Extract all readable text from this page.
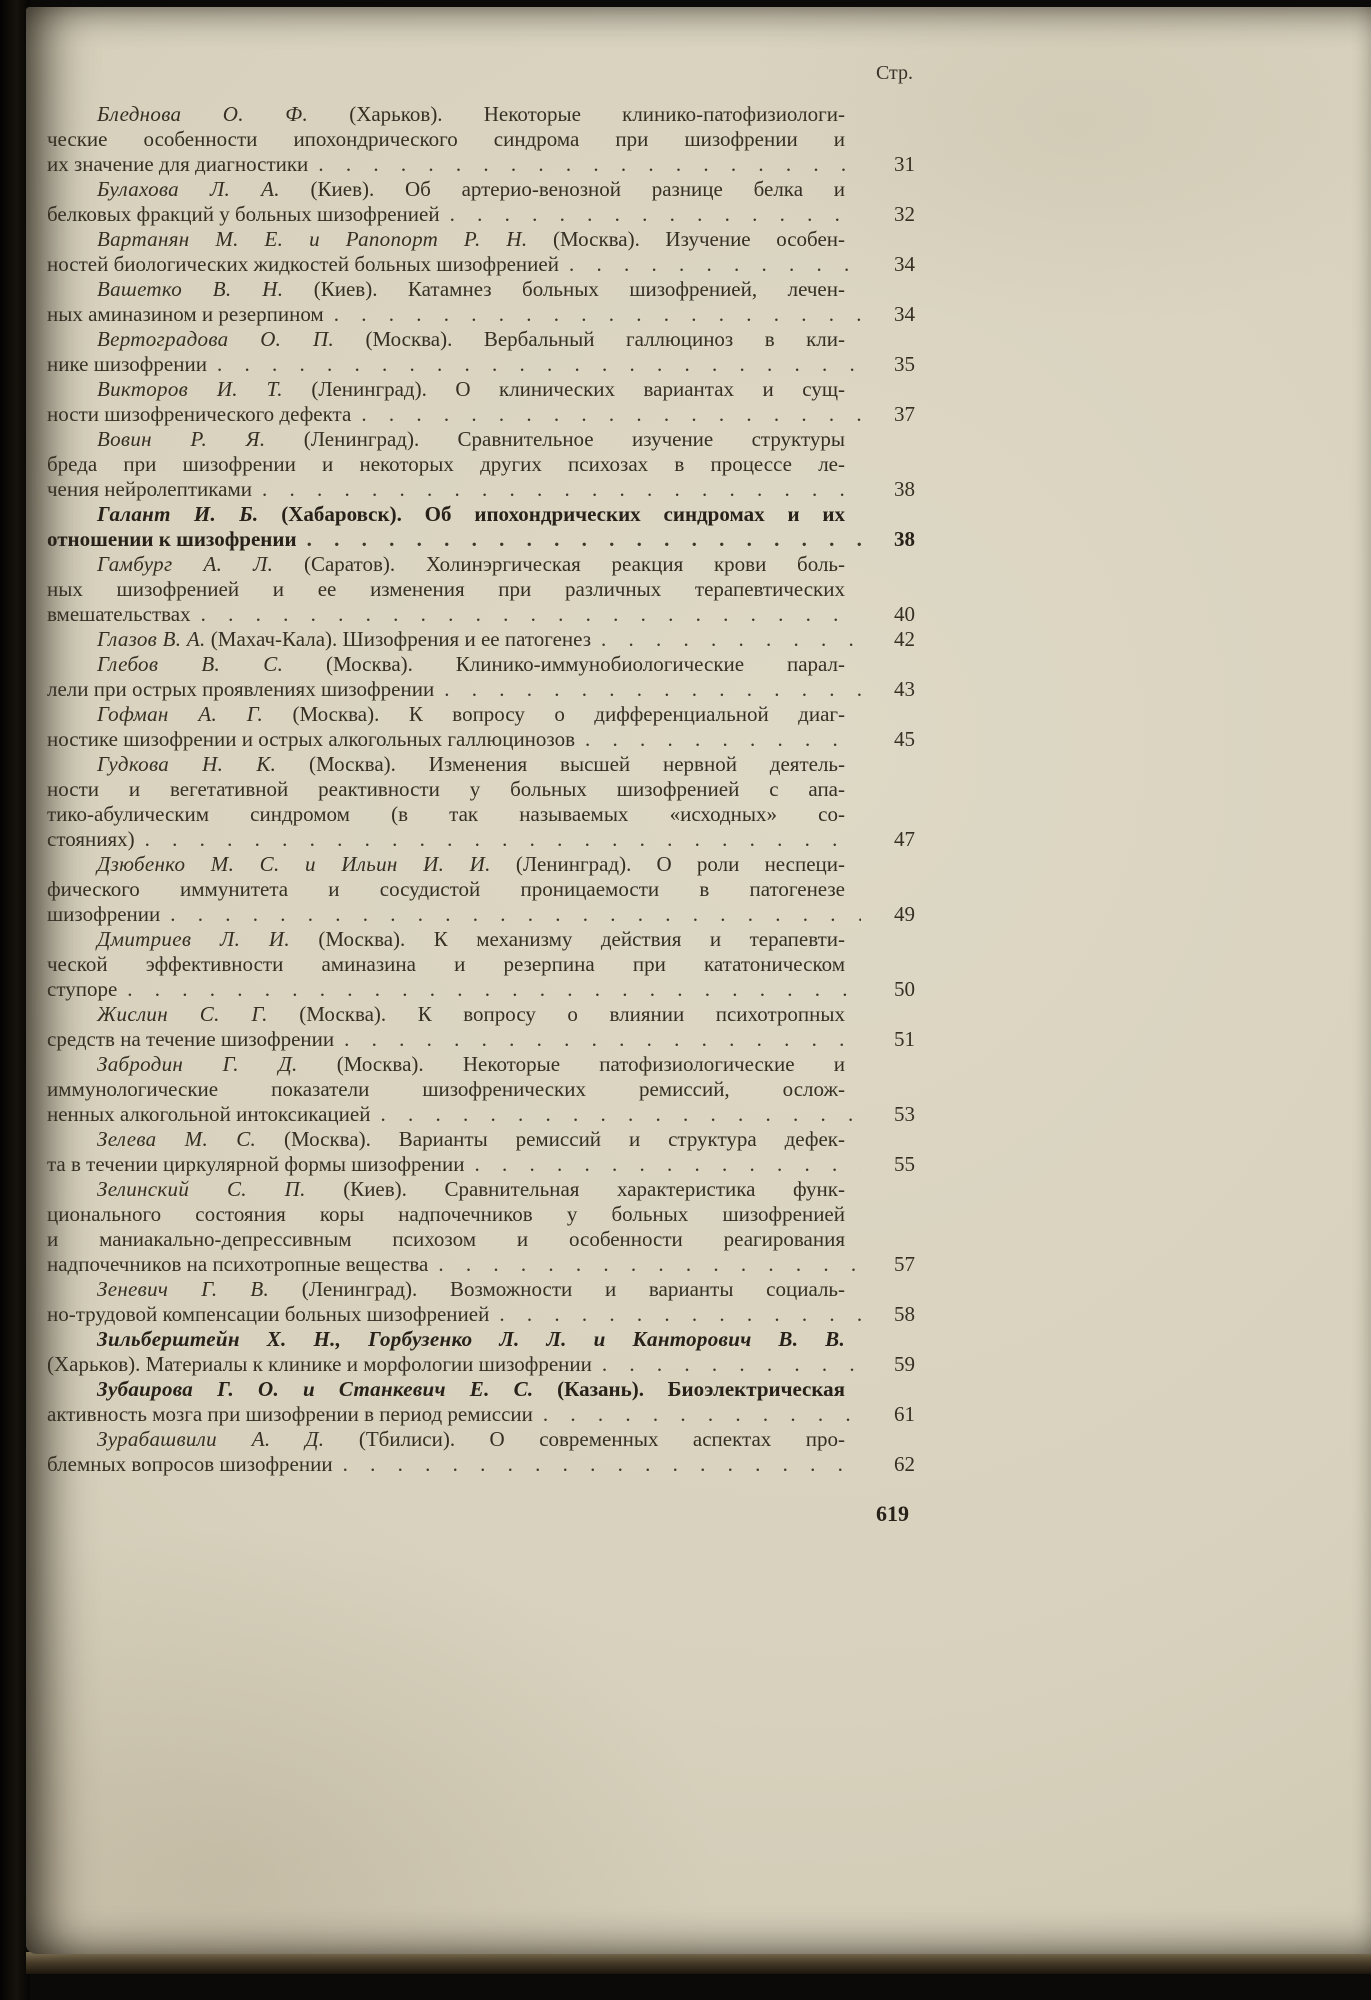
Стр.
Бледнова О. Ф. (Харьков). Некоторые клинико-патофизиологи-
ческие особенности ипохондрического синдрома при шизофрении и
их значение для диагностики . . .	31
Булахова Л. А. (Киев). Об артерио-венозной разнице белка и
белковых фракций у больных шизофренией . . .	32
Вартанян М. Е. и Рапопорт Р. Н. (Москва). Изучение особен-
ностей биологических жидкостей больных шизофренией . . .	34
Вашетко В. Н. (Киев). Катамнез больных шизофренией, лечен-
ных аминазином и резерпином . . .	34
Вертоградова О. П. (Москва). Вербальный галлюциноз в кли-
нике шизофрении . . .	35
Викторов И. Т. (Ленинград). О клинических вариантах и сущ-
ности шизофренического дефекта . . .	37
Вовин Р. Я. (Ленинград). Сравнительное изучение структуры
бреда при шизофрении и некоторых других психозах в процессе ле-
чения нейролептиками . . .	38
Галант И. Б. (Хабаровск). Об ипохондрических синдромах и их
отношении к шизофрении . . .	38
Гамбург А. Л. (Саратов). Холинэргическая реакция крови боль-
ных шизофренией и ее изменения при различных терапевтических
вмешательствах . . .	40
Глазов В. А. (Махач-Кала). Шизофрения и ее патогенез . . .	42
Глебов В. С. (Москва). Клинико-иммунобиологические парал-
лели при острых проявлениях шизофрении . . .	43
Гофман А. Г. (Москва). К вопросу о дифференциальной диаг-
ностике шизофрении и острых алкогольных галлюцинозов . . .	45
Гудкова Н. К. (Москва). Изменения высшей нервной деятель-
ности и вегетативной реактивности у больных шизофренией с апа-
тико-абулическим синдромом (в так называемых «исходных» со-
стояниях) . . .	47
Дзюбенко М. С. и Ильин И. И. (Ленинград). О роли неспеци-
фического иммунитета и сосудистой проницаемости в патогенезе
шизофрении . . .	49
Дмитриев Л. И. (Москва). К механизму действия и терапевти-
ческой эффективности аминазина и резерпина при кататоническом
ступоре . . .	50
Жислин С. Г. (Москва). К вопросу о влиянии психотропных
средств на течение шизофрении . . .	51
Забродин Г. Д. (Москва). Некоторые патофизиологические и
иммунологические показатели шизофренических ремиссий, ослож-
ненных алкогольной интоксикацией . . .	53
Зелева М. С. (Москва). Варианты ремиссий и структура дефек-
та в течении циркулярной формы шизофрении . . .	55
Зелинский С. П. (Киев). Сравнительная характеристика функ-
ционального состояния коры надпочечников у больных шизофренией
и маниакально-депрессивным психозом и особенности реагирования
надпочечников на психотропные вещества . . .	57
Зеневич Г. В. (Ленинград). Возможности и варианты социаль-
но-трудовой компенсации больных шизофренией . . .	58
Зильберштейн Х. Н., Горбузенко Л. Л. и Канторович В. В.
(Харьков). Материалы к клинике и морфологии шизофрении . . .	59
Зубаирова Г. О. и Станкевич Е. С. (Казань). Биоэлектрическая
активность мозга при шизофрении в период ремиссии . . .	61
Зурабашвили А. Д. (Тбилиси). О современных аспектах про-
блемных вопросов шизофрении . . .	62
619
